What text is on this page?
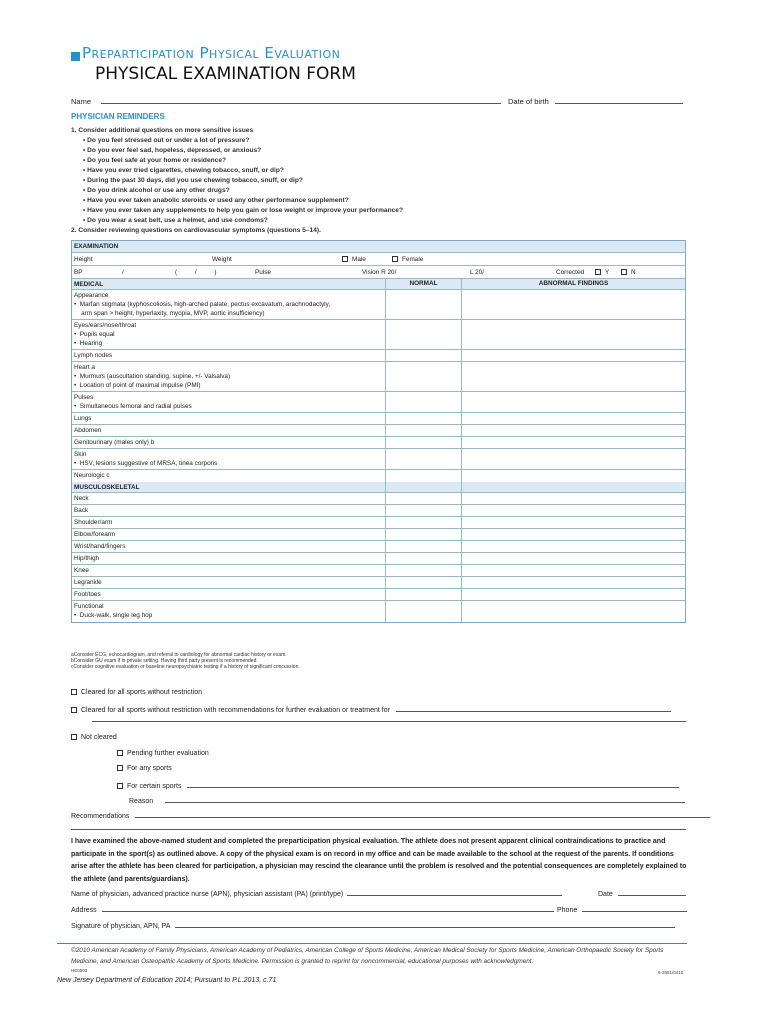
Preparticipation Physical Evaluation
PHYSICAL EXAMINATION FORM
Name	Date of birth
PHYSICIAN REMINDERS
1. Consider additional questions on more sensitive issues
• Do you feel stressed out or under a lot of pressure?
• Do you ever feel sad, hopeless, depressed, or anxious?
• Do you feel safe at your home or residence?
• Have you ever tried cigarettes, chewing tobacco, snuff, or dip?
• During the past 30 days, did you use chewing tobacco, snuff, or dip?
• Do you drink alcohol or use any other drugs?
• Have you ever taken anabolic steroids or used any other performance supplement?
• Have you ever taken any supplements to help you gain or lose weight or improve your performance?
• Do you wear a seat belt, use a helmet, and use condoms?
2. Consider reviewing questions on cardiovascular symptoms (questions 5–14).
EXAMINATION
Height	Weight	Male	Female
BP	/	(          /          )	Pulse	Vision R 20/	L 20/	Corrected	Y	N
MEDICAL	NORMAL	ABNORMAL FINDINGS
Appearance
•  Marfan stigmata (kyphoscoliosis, high-arched palate, pectus excavatum, arachnodactyly,
arm span > height, hyperlaxity, myopia, MVP, aortic insufficiency)
Eyes/ears/nose/throat
•  Pupils equal
•  Hearing
Lymph nodes
Heart a
•  Murmurs (auscultation standing, supine, +/- Valsalva)
•  Location of point of maximal impulse (PMI)
Pulses
•  Simultaneous femoral and radial pulses
Lungs
Abdomen
Genitourinary (males only) b
Skin
•  HSV, lesions suggestive of MRSA, tinea corporis
Neurologic c
MUSCULOSKELETAL
Neck
Back
Shoulder/arm
Elbow/forearm
Wrist/hand/fingers
Hip/thigh
Knee
Leg/ankle
Foot/toes
Functional
•  Duck-walk, single leg hop
aConsider ECG, echocardiogram, and referral to cardiology for abnormal cardiac history or exam.
bConsider GU exam if in private setting. Having third party present is recommended.
cConsider cognitive evaluation or baseline neuropsychiatric testing if a history of significant concussion.
Cleared for all sports without restriction
Cleared for all sports without restriction with recommendations for further evaluation or treatment for
Not cleared
Pending further evaluation
For any sports
For certain sports
Reason
Recommendations
I have examined the above-named student and completed the preparticipation physical evaluation. The athlete does not present apparent clinical contraindications to practice and participate in the sport(s) as outlined above. A copy of the physical exam is on record in my office and can be made available to the school at the request of the parents. If conditions arise after the athlete has been cleared for participation, a physician may rescind the clearance until the problem is resolved and the potential consequences are completely explained to the athlete (and parents/guardians).
Name of physician, advanced practice nurse (APN), physician assistant (PA) (print/type)	Date
Address	Phone
Signature of physician, APN, PA
©2010 American Academy of Family Physicians, American Academy of Pediatrics, American College of Sports Medicine, American Medical Society for Sports Medicine, American Orthopaedic Society for Sports Medicine, and American Osteopathic Academy of Sports Medicine. Permission is granted to reprint for noncommercial, educational purposes with acknowledgment.
HE0503	9-2681/0410
New Jersey Department of Education 2014; Pursuant to P.L.2013, c.71
